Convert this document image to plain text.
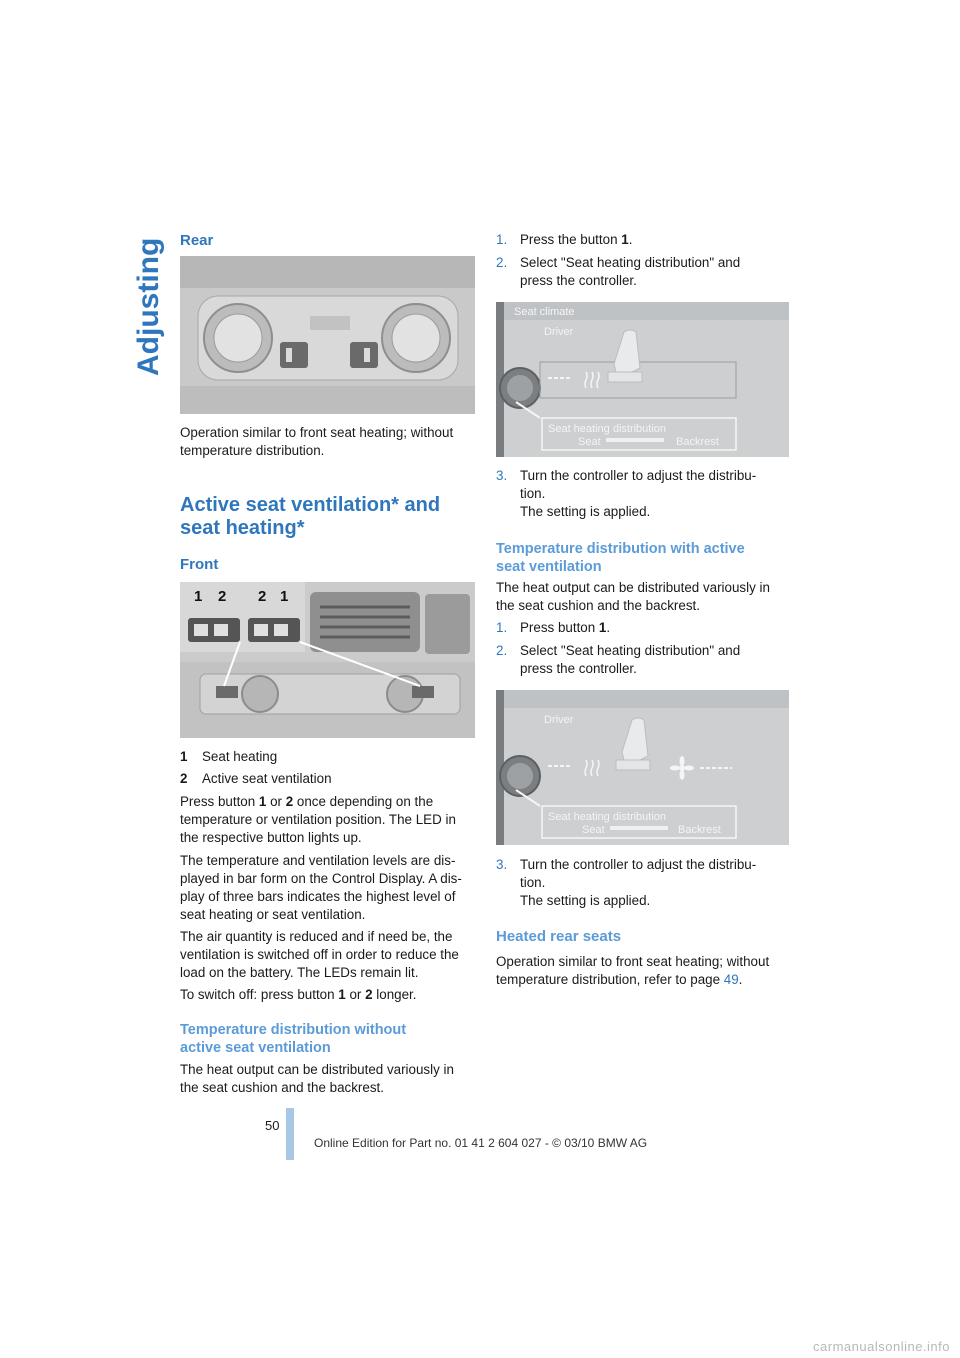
Adjusting Rear
Operation similar to front seat heating; without temperature distribution.
Active seat ventilation* and
seat heating*
Front
1 2 2 1
1 Seat heating
2 Active seat ventilation
Press button 1 or 2 once depending on the
temperature or ventilation position. The LED in
the respective button lights up.
The temperature and ventilation levels are dis-
played in bar form on the Control Display. A dis-
play of three bars indicates the highest level of
seat heating or seat ventilation.
The air quantity is reduced and if need be, the
ventilation is switched off in order to reduce the
load on the battery. The LEDs remain lit.
To switch off: press button 1 or 2 longer.
Temperature distribution without
active seat ventilation
The heat output can be distributed variously in
the seat cushion and the backrest.
1. Press the button 1.
2. Select "Seat heating distribution" and
press the controller.
Seat climate
Driver
Seat heating distribution
Seat	Backrest
3. Turn the controller to adjust the distribu-
tion.
The setting is applied.
Temperature distribution with active
seat ventilation
The heat output can be distributed variously in
the seat cushion and the backrest.
1. Press button 1.
2. Select "Seat heating distribution" and
press the controller.
Driver
Seat heating distribution
Seat	Backrest
3. Turn the controller to adjust the distribu-
tion.
The setting is applied.
Heated rear seats
Operation similar to front seat heating; without
temperature distribution, refer to page 49.
50
Online Edition for Part no. 01 41 2 604 027 - © 03/10 BMW AG
carmanualsonline.info
